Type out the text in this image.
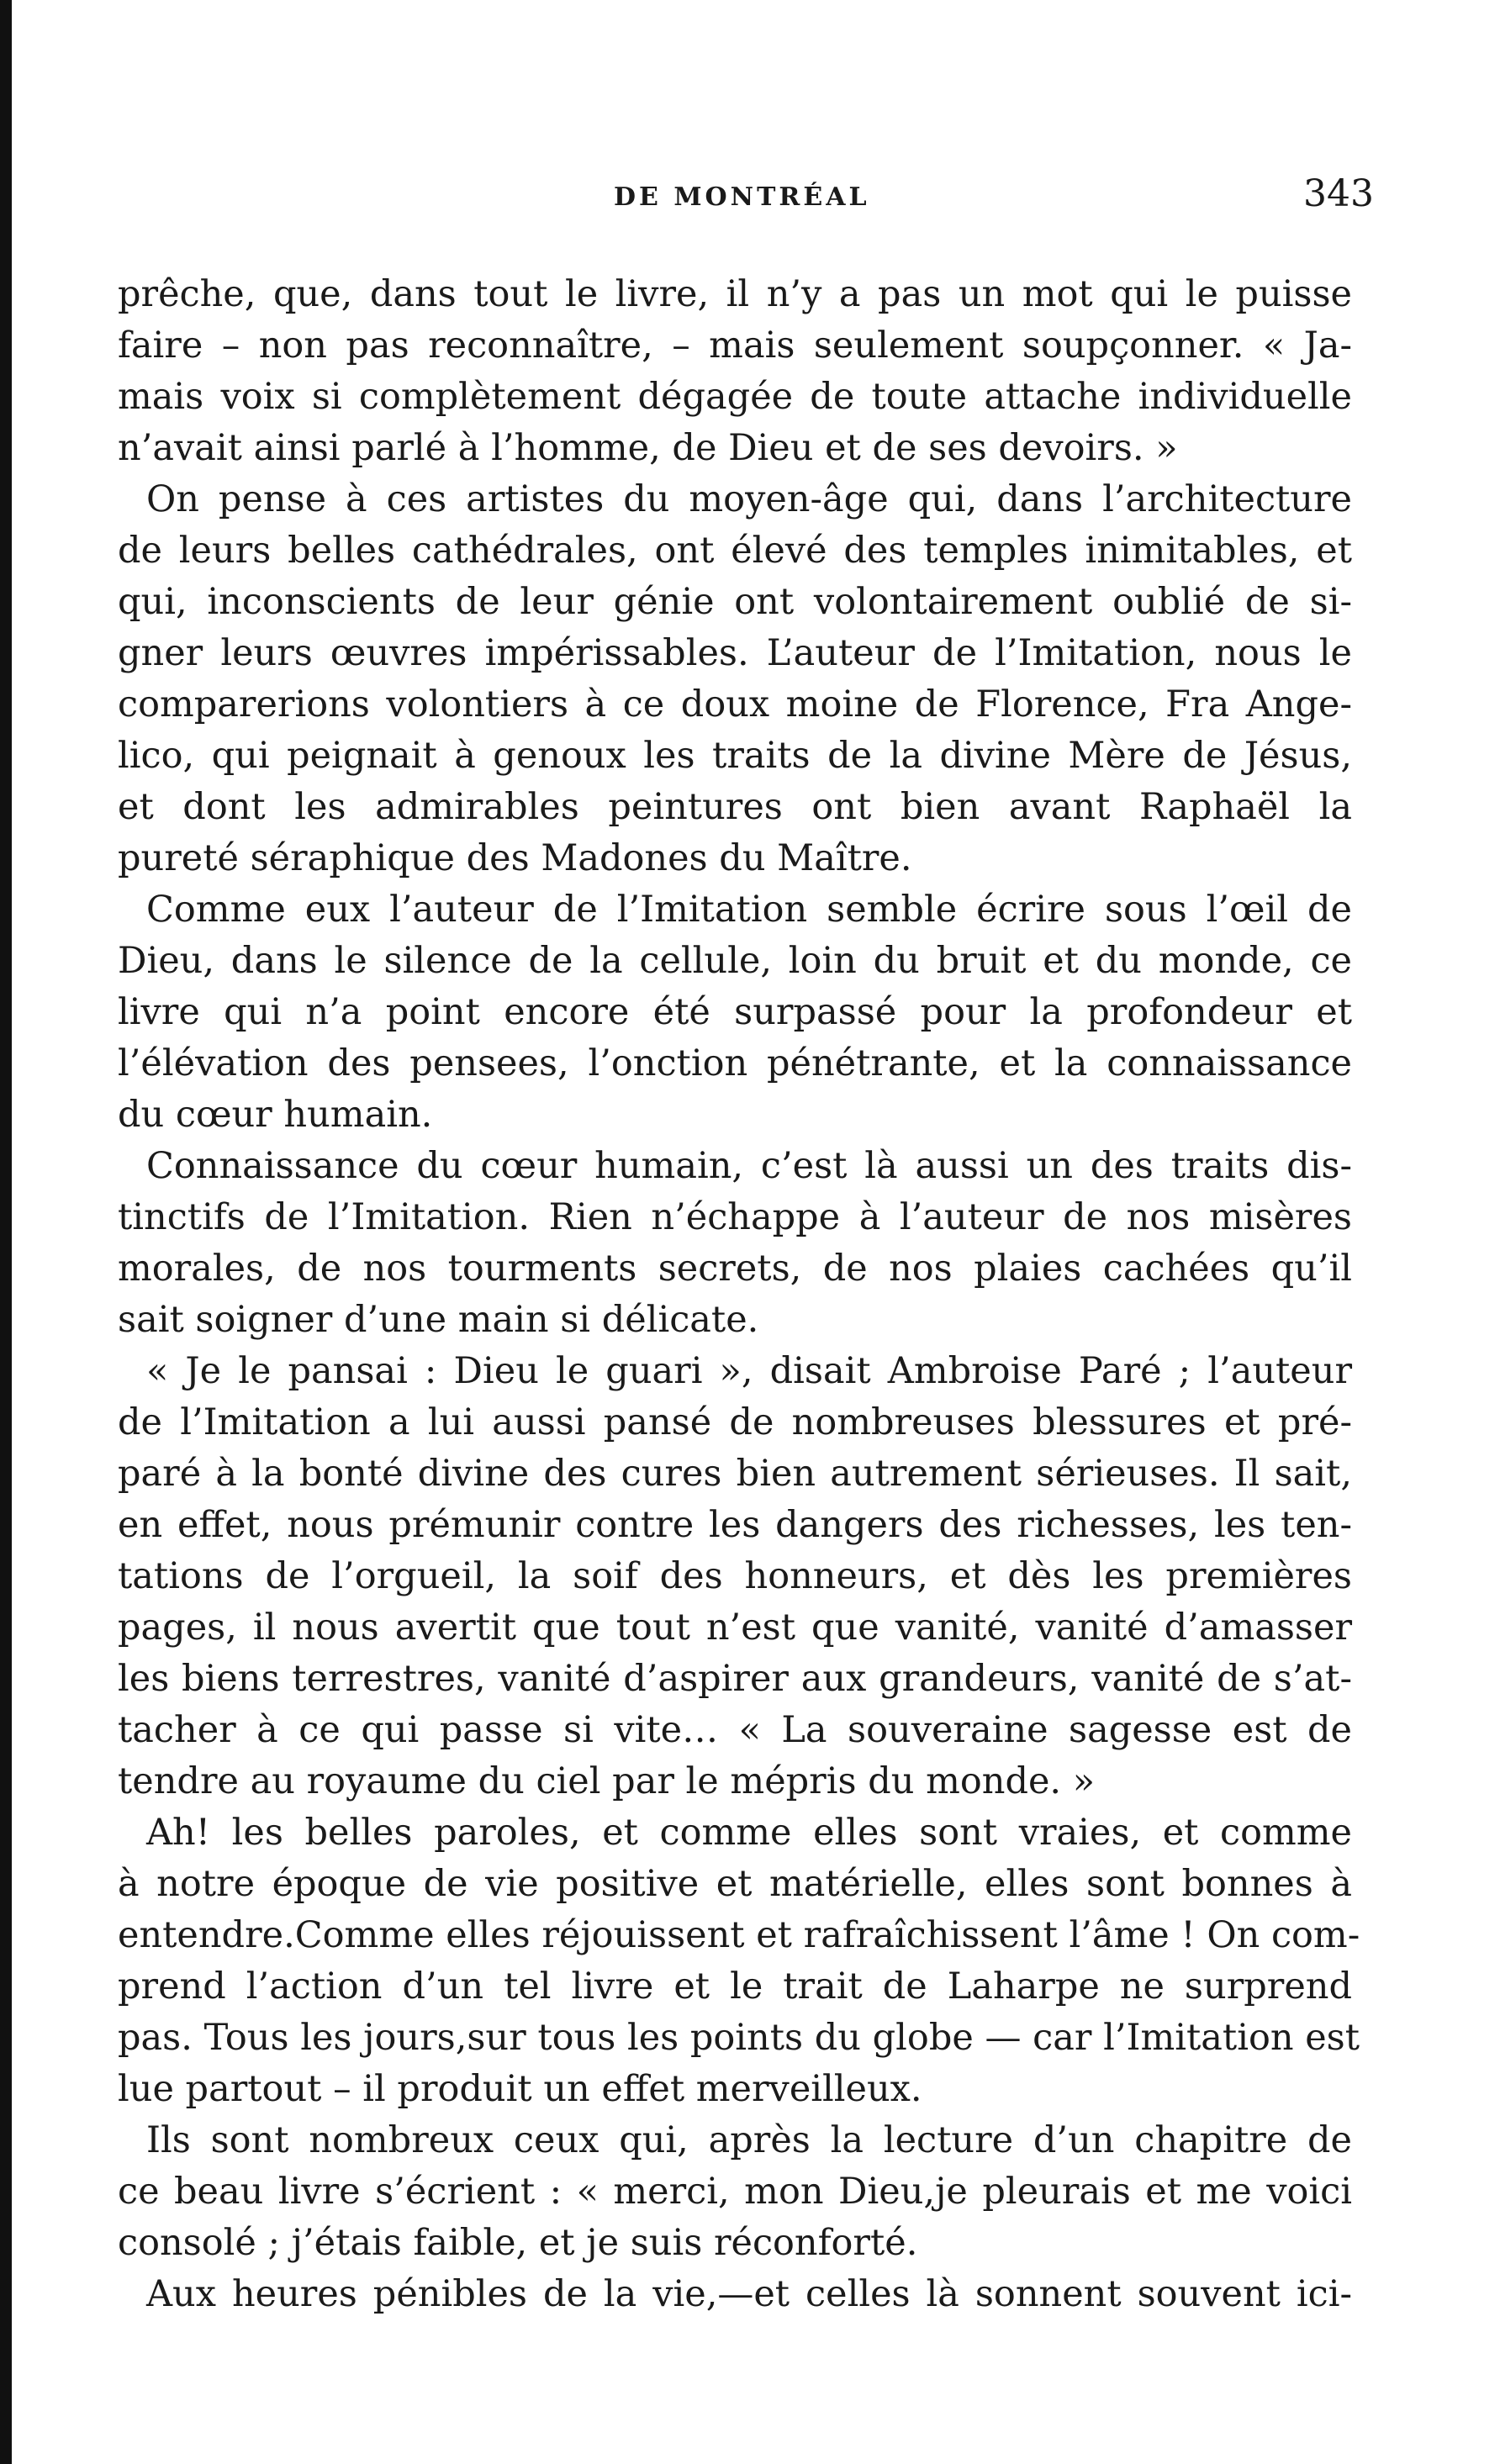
DE MONTRÉAL	343
prêche, que, dans tout le livre, il n’y a pas un mot qui le puisse
faire – non pas reconnaître, – mais seulement soupçonner. « Ja-
mais voix si complètement dégagée de toute attache individuelle
n’avait ainsi parlé à l’homme, de Dieu et de ses devoirs. »
On pense à ces artistes du moyen-âge qui, dans l’architecture
de leurs belles cathédrales, ont élevé des temples inimitables, et
qui, inconscients de leur génie ont volontairement oublié de si-
gner leurs œuvres impérissables. L’auteur de l’Imitation, nous le
comparerions volontiers à ce doux moine de Florence, Fra Ange-
lico, qui peignait à genoux les traits de la divine Mère de Jésus,
et dont les admirables peintures ont bien avant Raphaël la
pureté séraphique des Madones du Maître.
Comme eux l’auteur de l’Imitation semble écrire sous l’œil de
Dieu, dans le silence de la cellule, loin du bruit et du monde, ce
livre qui n’a point encore été surpassé pour la profondeur et
l’élévation des pensees, l’onction pénétrante, et la connaissance
du cœur humain.
Connaissance du cœur humain, c’est là aussi un des traits dis-
tinctifs de l’Imitation. Rien n’échappe à l’auteur de nos misères
morales, de nos tourments secrets, de nos plaies cachées qu’il
sait soigner d’une main si délicate.
« Je le pansai : Dieu le guari », disait Ambroise Paré ; l’auteur
de l’Imitation a lui aussi pansé de nombreuses blessures et pré-
paré à la bonté divine des cures bien autrement sérieuses. Il sait,
en effet, nous prémunir contre les dangers des richesses, les ten-
tations de l’orgueil, la soif des honneurs, et dès les premières
pages, il nous avertit que tout n’est que vanité, vanité d’amasser
les biens terrestres, vanité d’aspirer aux grandeurs, vanité de s’at-
tacher à ce qui passe si vite… « La souveraine sagesse est de
tendre au royaume du ciel par le mépris du monde. »
Ah! les belles paroles, et comme elles sont vraies, et comme
à notre époque de vie positive et matérielle, elles sont bonnes à
entendre.Comme elles réjouissent et rafraîchissent l’âme ! On com-
prend l’action d’un tel livre et le trait de Laharpe ne surprend
pas. Tous les jours,sur tous les points du globe — car l’Imitation est
lue partout – il produit un effet merveilleux.
Ils sont nombreux ceux qui, après la lecture d’un chapitre de
ce beau livre s’écrient : « merci, mon Dieu,je pleurais et me voici
consolé ; j’étais faible, et je suis réconforté.
Aux heures pénibles de la vie,—et celles là sonnent souvent ici-
